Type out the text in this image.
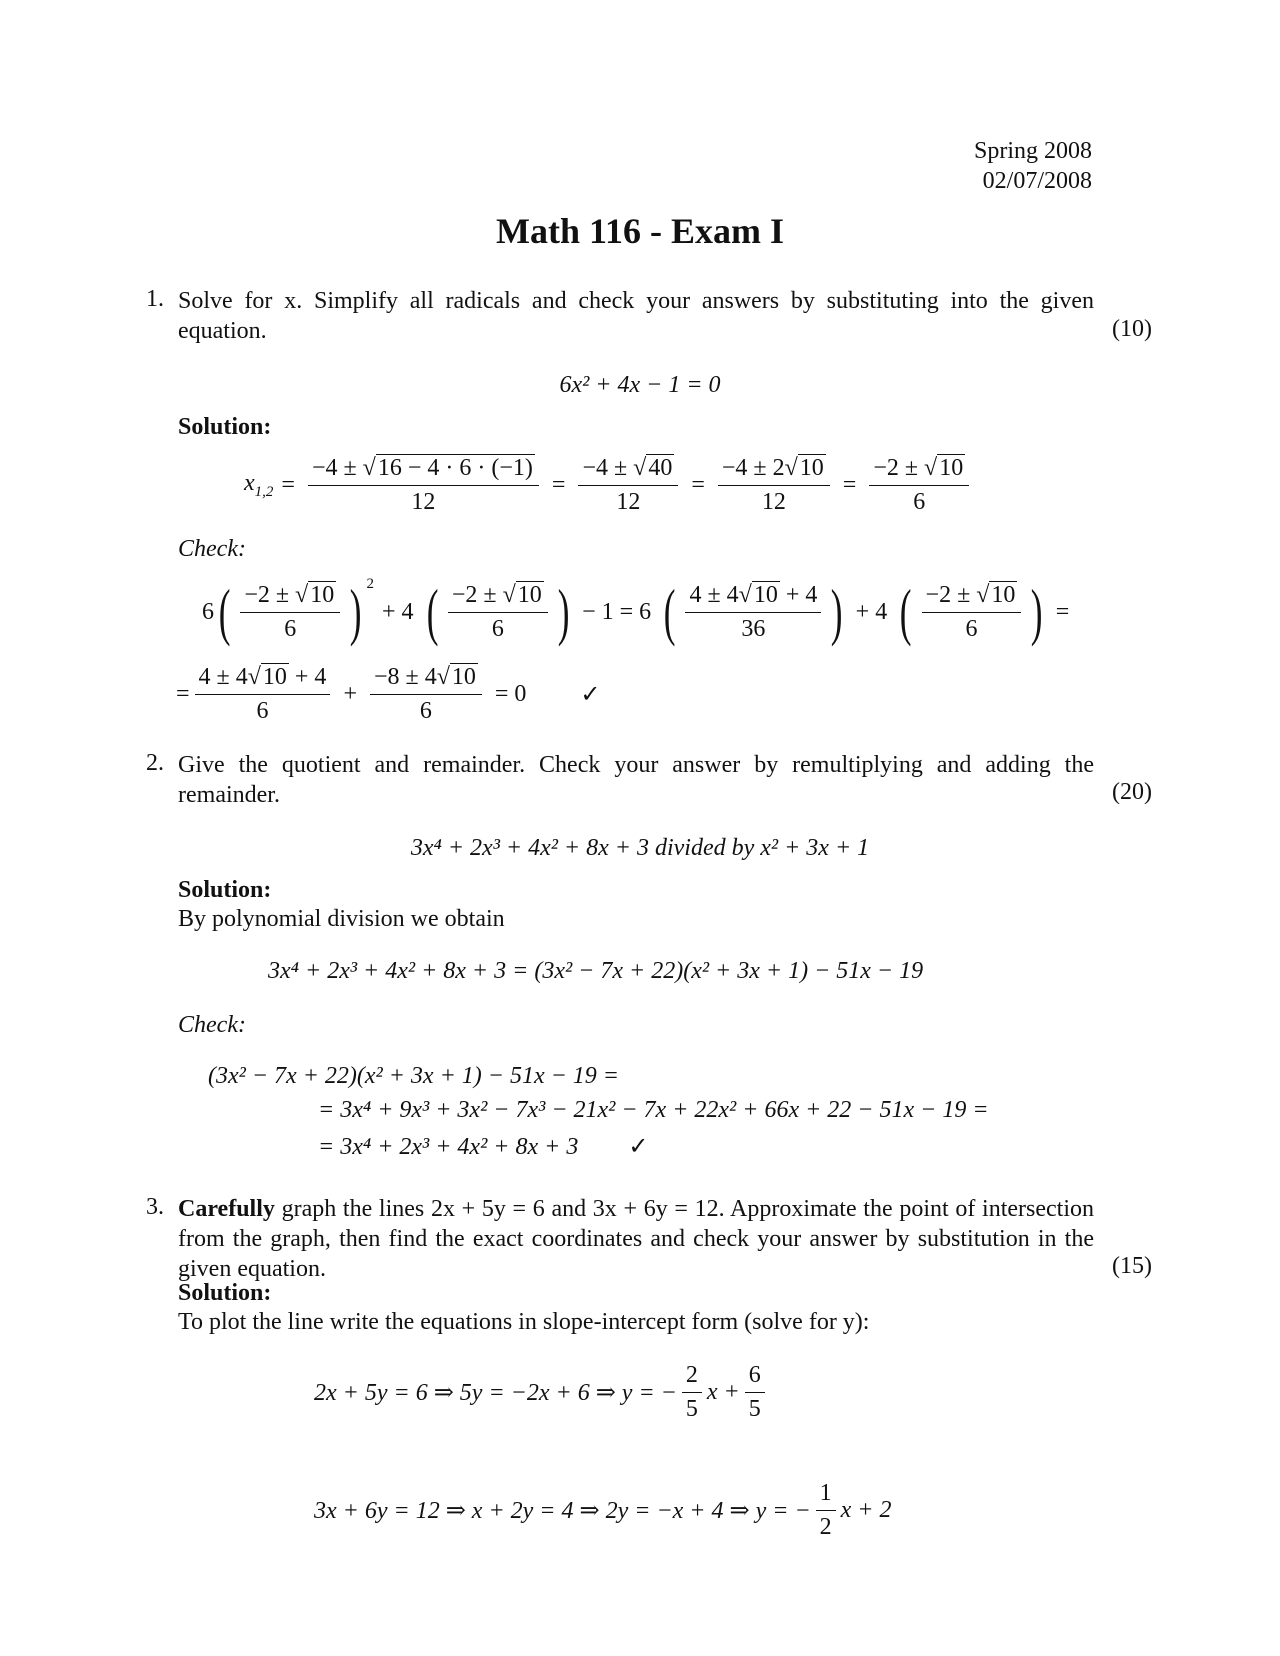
Spring 2008
02/07/2008
Math 116 - Exam I
1. Solve for x. Simplify all radicals and check your answers by substituting into the given equation.	(10)
6x² + 4x − 1 = 0
Solution:
$x_{1,2} = \frac{-4 \pm √16 - 4 \cdot 6 \cdot (-1)}{12} = \frac{-4 \pm √40}{12} = \frac{-4 \pm 2√10}{12} = \frac{-2 \pm √10}{6}$
Check:
6 ( $\frac{-2 \pm √10}{6}$ ) $^2$
+ 4 ( $\frac{-2 \pm √10}{6}$ ) − 1 = 6 ( $\frac{4 \pm 4√10 + 4}{36}$ ) + 4 ( $\frac{-2 \pm √10}{6}$ ) =
= $\frac{4 \pm 4√10 + 4}{6} + \frac{-8 \pm 4√10}{6} = 0$ ✓
2. Give the quotient and remainder. Check your answer by remultiplying and adding the remainder.	(20)
3x⁴ + 2x³ + 4x² + 8x + 3 divided by x² + 3x + 1
Solution:
By polynomial division we obtain
3x⁴ + 2x³ + 4x² + 8x + 3 = (3x² − 7x + 22)(x² + 3x + 1) − 51x − 19
Check:
(3x² − 7x + 22)(x² + 3x + 1) − 51x − 19 =
= 3x⁴ + 9x³ + 3x² − 7x³ − 21x² − 7x + 22x² + 66x + 22 − 51x − 19 =
= 3x⁴ + 2x³ + 4x² + 8x + 3 ✓
3. Carefully graph the lines 2x + 5y = 6 and 3x + 6y = 12. Approximate the point of intersection from the graph, then find the exact coordinates and check your answer by substitution in the given equation.	(15)
Solution:
To plot the line write the equations in slope-intercept form (solve for y):
2x + 5y = 6 ⇒ 5y = −2x + 6 ⇒ y = − $\frac{2}{5}$ $x + \frac{6}{5}$
3x + 6y = 12 ⇒ x + 2y = 4 ⇒ 2y = −x + 4 ⇒ y = − $\frac{1}{2}$ x + 2
